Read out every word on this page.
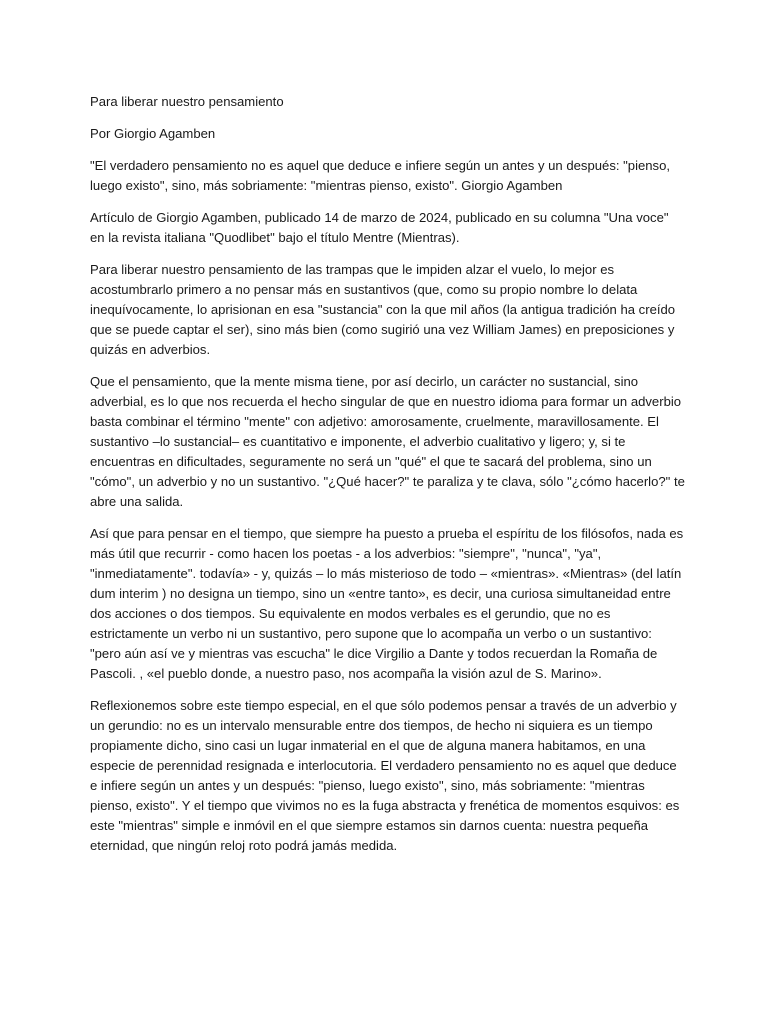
Para liberar nuestro pensamiento

Por Giorgio Agamben

"El verdadero pensamiento no es aquel que deduce e infiere según un antes y un después: "pienso, luego existo", sino, más sobriamente: "mientras pienso, existo". Giorgio Agamben

Artículo de Giorgio Agamben, publicado 14 de marzo de 2024, publicado en su columna "Una voce" en la revista italiana "Quodlibet" bajo el título Mentre (Mientras).

Para liberar nuestro pensamiento de las trampas que le impiden alzar el vuelo, lo mejor es acostumbrarlo primero a no pensar más en sustantivos (que, como su propio nombre lo delata inequívocamente, lo aprisionan en esa "sustancia" con la que mil años (la antigua tradición ha creído que se puede captar el ser), sino más bien (como sugirió una vez William James) en preposiciones y quizás en adverbios.

Que el pensamiento, que la mente misma tiene, por así decirlo, un carácter no sustancial, sino adverbial, es lo que nos recuerda el hecho singular de que en nuestro idioma para formar un adverbio basta combinar el término "mente" con adjetivo: amorosamente, cruelmente, maravillosamente. El sustantivo –lo sustancial– es cuantitativo e imponente, el adverbio cualitativo y ligero; y, si te encuentras en dificultades, seguramente no será un "qué" el que te sacará del problema, sino un "cómo", un adverbio y no un sustantivo. "¿Qué hacer?" te paraliza y te clava, sólo "¿cómo hacerlo?" te abre una salida.

Así que para pensar en el tiempo, que siempre ha puesto a prueba el espíritu de los filósofos, nada es más útil que recurrir - como hacen los poetas - a los adverbios: "siempre", "nunca", "ya", "inmediatamente". todavía» - y, quizás – lo más misterioso de todo – «mientras». «Mientras» (del latín dum interim ) no designa un tiempo, sino un «entre tanto», es decir, una curiosa simultaneidad entre dos acciones o dos tiempos. Su equivalente en modos verbales es el gerundio, que no es estrictamente un verbo ni un sustantivo, pero supone que lo acompaña un verbo o un sustantivo: "pero aún así ve y mientras vas escucha" le dice Virgilio a Dante y todos recuerdan la Romaña de Pascoli. , «el pueblo donde, a nuestro paso, nos acompaña la visión azul de S. Marino».

Reflexionemos sobre este tiempo especial, en el que sólo podemos pensar a través de un adverbio y un gerundio: no es un intervalo mensurable entre dos tiempos, de hecho ni siquiera es un tiempo propiamente dicho, sino casi un lugar inmaterial en el que de alguna manera habitamos, en una especie de perennidad resignada e interlocutoria. El verdadero pensamiento no es aquel que deduce e infiere según un antes y un después: "pienso, luego existo", sino, más sobriamente: "mientras pienso, existo". Y el tiempo que vivimos no es la fuga abstracta y frenética de momentos esquivos: es este "mientras" simple e inmóvil en el que siempre estamos sin darnos cuenta: nuestra pequeña eternidad, que ningún reloj roto podrá jamás medida.
